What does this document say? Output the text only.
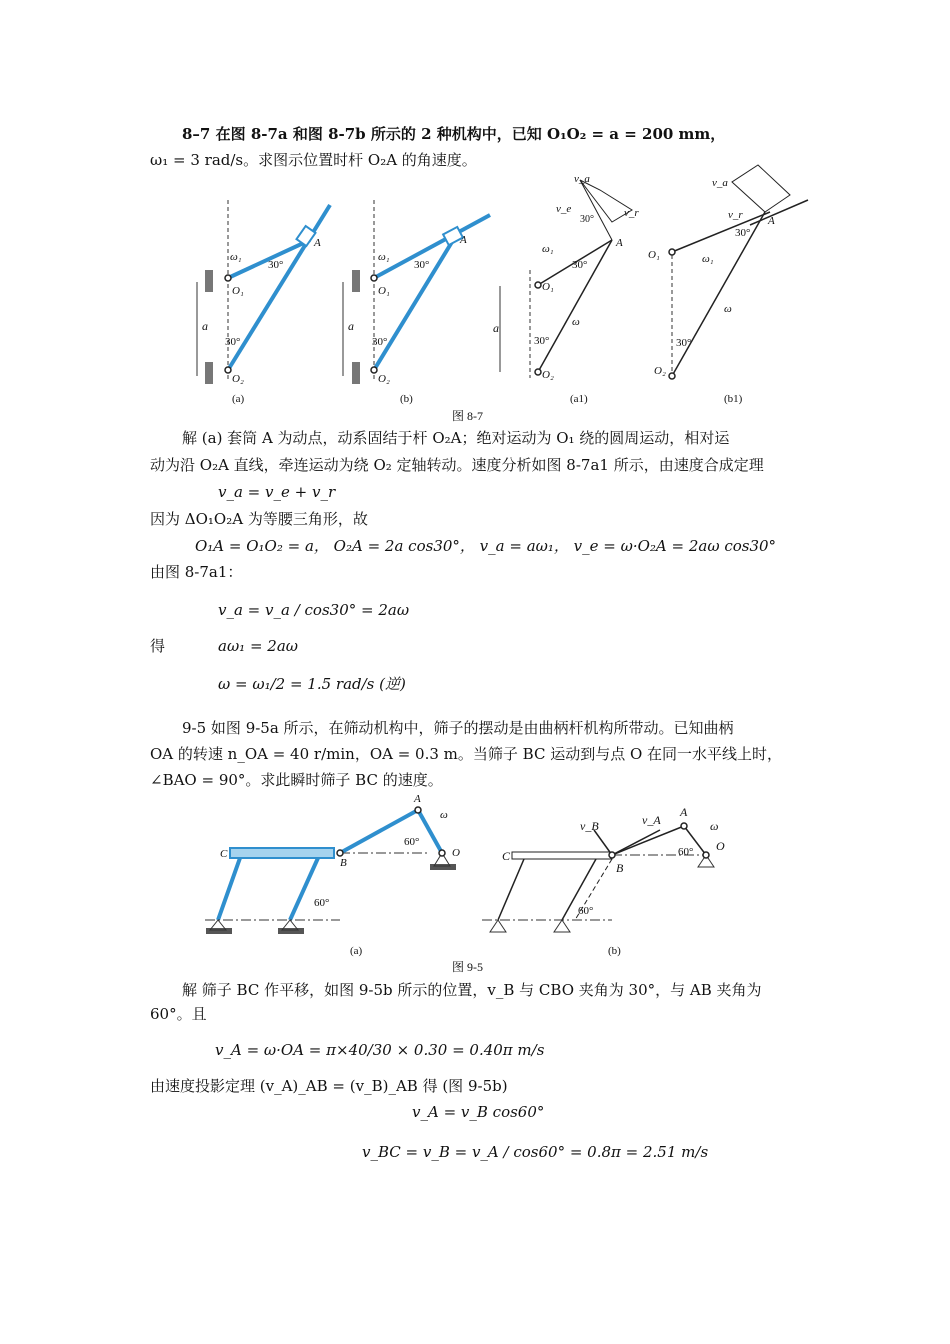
8–7 在图 8-7a 和图 8-7b 所示的 2 种机构中，已知 O₁O₂ = a = 200 mm，
ω₁ = 3 rad/s。求图示位置时杆 O₂A 的角速度。
a
ω₁
O₁
O₂
30°
30°
A
(a)
a
ω₁
O₁
O₂
30°
30°
A
(b)
a
v_a
v_e	v_r
30°
ω₁
O₁
O₂
30°
30°
ω
A
(a1)
v_a
v_r A
30°
O₁	ω₁
ω
30°
O₂
(b1)
图 8-7
解 (a) 套筒 A 为动点，动系固结于杆 O₂A；绝对运动为 O₁ 绕的圆周运动，相对运
动为沿 O₂A 直线，牵连运动为绕 O₂ 定轴转动。速度分析如图 8-7a1 所示，由速度合成定理
v_a = v_e + v_r
因为 ΔO₁O₂A 为等腰三角形，故
O₁A = O₁O₂ = a， O₂A = 2a cos30°， v_a = aω₁， v_e = ω·O₂A = 2aω cos30°
由图 8-7a1：
v_a = v_a / cos30° = 2aω
得	aω₁ = 2aω
ω = ω₁/2 = 1.5 rad/s (逆)
9-5 如图 9-5a 所示，在筛动机构中，筛子的摆动是由曲柄杆机构所带动。已知曲柄
OA 的转速 n_OA = 40 r/min，OA = 0.3 m。当筛子 BC 运动到与点 O 在同一水平线上时，
∠BAO = 90°。求此瞬时筛子 BC 的速度。
C
B
A
ω
O
60°
60°
(a)
C
B
A
ω
O
v_B	v_A
60°
60°
(b)
图 9-5
解 筛子 BC 作平移，如图 9-5b 所示的位置，v_B 与 CBO 夹角为 30°，与 AB 夹角为
60°。且
v_A = ω·OA = π×40/30 × 0.30 = 0.40π m/s
由速度投影定理 (v_A)_AB = (v_B)_AB 得 (图 9-5b)
v_A = v_B cos60°
v_BC = v_B = v_A / cos60° = 0.8π = 2.51 m/s
